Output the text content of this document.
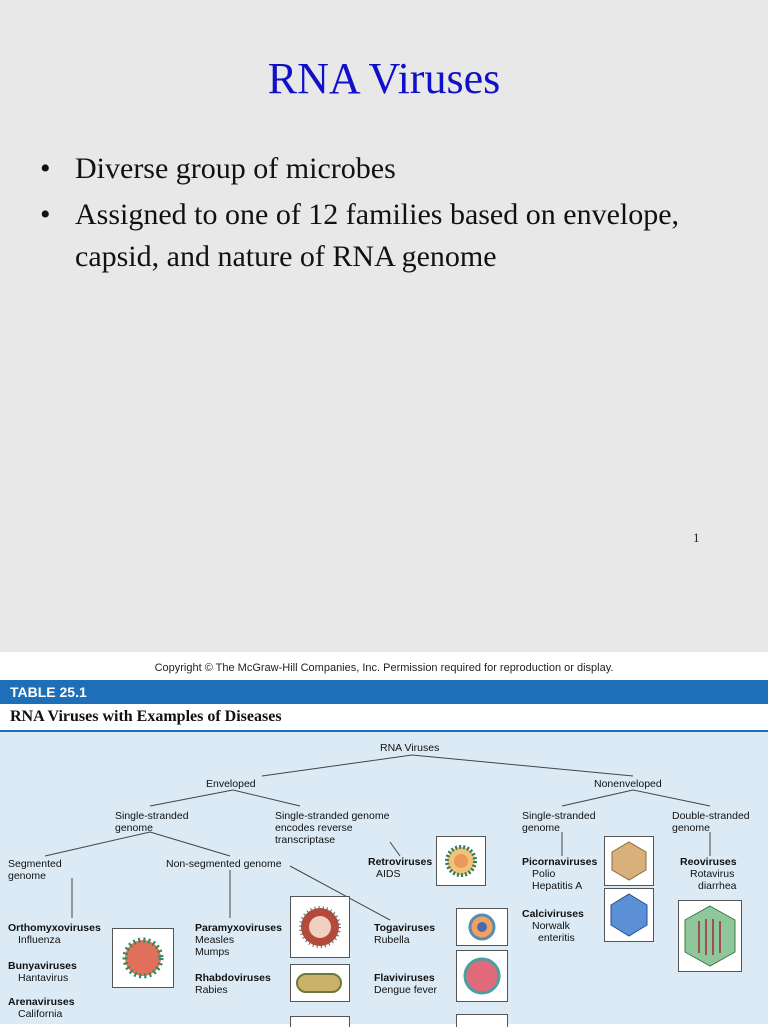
RNA Viruses
• Diverse group of microbes
• Assigned to one of 12 families based on envelope, capsid, and nature of RNA genome
1
Copyright © The McGraw-Hill Companies, Inc. Permission required for reproduction or display.
TABLE 25.1
RNA Viruses with Examples of Diseases
RNA Viruses
Enveloped	Nonenveloped
Single-stranded
genome
Single-stranded genome
encodes reverse
transcriptase
Single-stranded
genome
Double-stranded
genome
Segmented
genome
Non-segmented genome	Retroviruses
AIDS
Picornaviruses
Polio
Hepatitis A
Reoviruses
Rotavirus
diarrhea
Calciviruses
Norwalk
enteritis
Orthomyxoviruses
Influenza
Bunyaviruses
Hantavirus
Arenaviruses
California
Paramyxoviruses
Measles
Mumps
Rhabdoviruses
Rabies
Togaviruses
Rubella
Flaviviruses
Dengue fever
